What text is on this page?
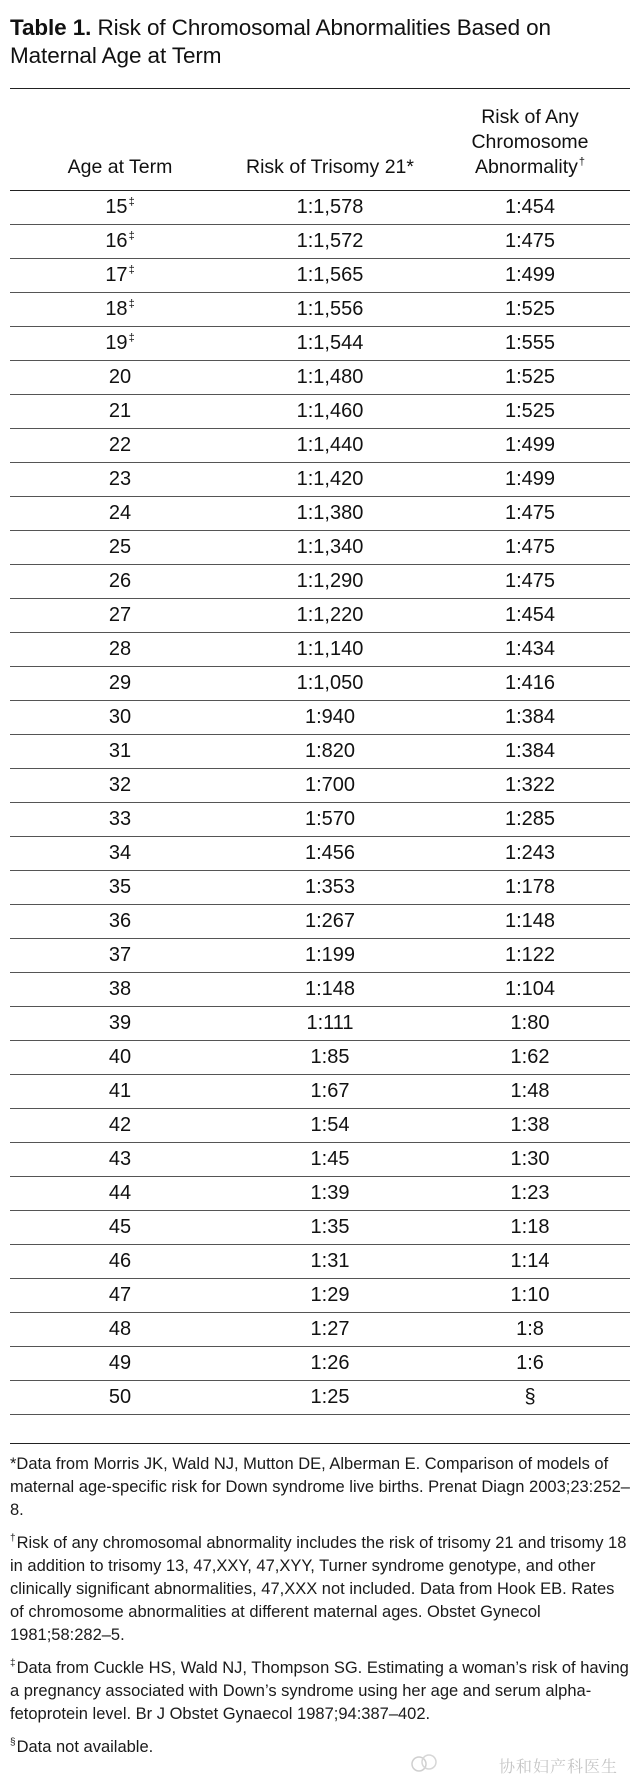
Table 1. Risk of Chromosomal Abnormalities Based on Maternal Age at Term
Age at Term	Risk of Trisomy 21*
Risk of Any
Chromosome
Abnormality†
15‡	1:1,578	1:454
16‡	1:1,572	1:475
17‡	1:1,565	1:499
18‡	1:1,556	1:525
19‡	1:1,544	1:555
20	1:1,480	1:525
21	1:1,460	1:525
22	1:1,440	1:499
23	1:1,420	1:499
24	1:1,380	1:475
25	1:1,340	1:475
26	1:1,290	1:475
27	1:1,220	1:454
28	1:1,140	1:434
29	1:1,050	1:416
30	1:940	1:384
31	1:820	1:384
32	1:700	1:322
33	1:570	1:285
34	1:456	1:243
35	1:353	1:178
36	1:267	1:148
37	1:199	1:122
38	1:148	1:104
39	1:111	1:80
40	1:85	1:62
41	1:67	1:48
42	1:54	1:38
43	1:45	1:30
44	1:39	1:23
45	1:35	1:18
46	1:31	1:14
47	1:29	1:10
48	1:27	1:8
49	1:26	1:6
50	1:25	§
*Data from Morris JK, Wald NJ, Mutton DE, Alberman E. Comparison of models of maternal age-specific risk for Down syndrome live births. Prenat Diagn 2003;23:252–8.
†Risk of any chromosomal abnormality includes the risk of trisomy 21 and trisomy 18 in addition to trisomy 13, 47,XXY, 47,XYY, Turner syndrome genotype, and other clinically significant abnormalities, 47,XXX not included. Data from Hook EB. Rates of chromosome abnormalities at different maternal ages. Obstet Gynecol 1981;58:282–5.
‡Data from Cuckle HS, Wald NJ, Thompson SG. Estimating a woman’s risk of having a pregnancy associated with Down’s syndrome using her age and serum alpha-fetoprotein level. Br J Obstet Gynaecol 1987;94:387–402.
§Data not available.
协和妇产科医生
